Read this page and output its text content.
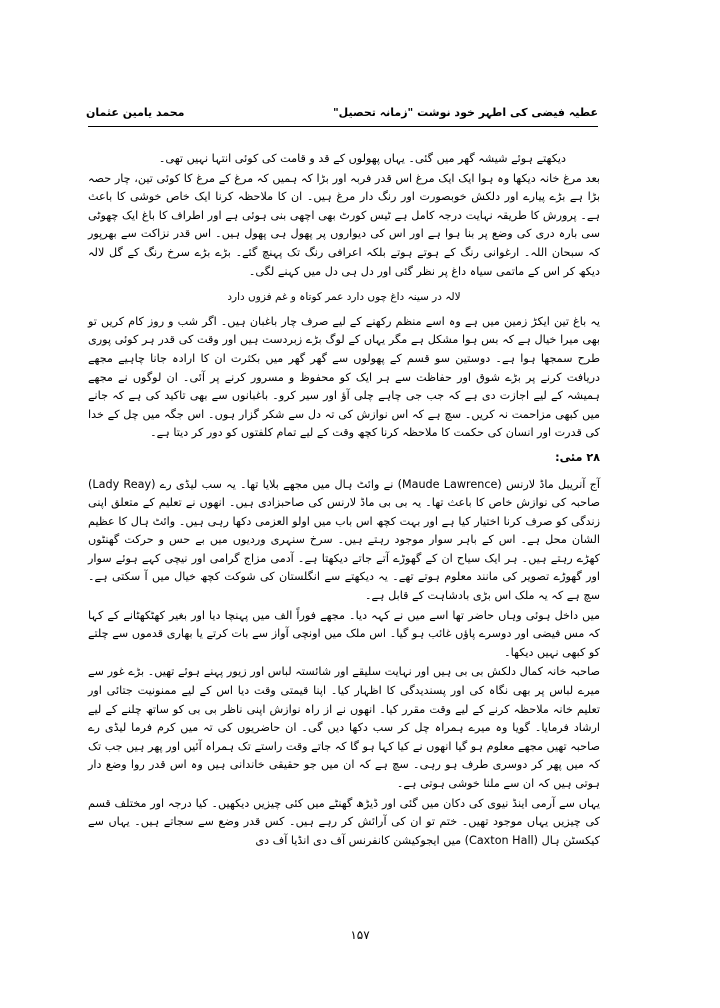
عطیہ فیضی کی اطہر خود نوشت "زمانہ تحصیل"
محمد یامین عثمان

دیکھتے ہوئے شیشہ گھر میں گئی۔ یہاں پھولوں کے قد و قامت کی کوئی انتہا نہیں تھی۔

بعد مرغ خانہ دیکھا وہ ہوا ایک ایک مرغ اس قدر فربہ اور بڑا کہ ہمیں کہ مرغ کے مرغ کا کوئی تین، چار حصہ بڑا ہے بڑے پیارے اور دلکش خوبصورت اور رنگ دار مرغ ہیں۔ ان کا ملاحظہ کرنا ایک خاص خوشی کا باعث ہے۔ پرورش کا طریقہ نہایت درجہ کامل ہے ٹیس کورٹ بھی اچھی بنی ہوئی ہے اور اطراف کا باغ ایک چھوٹی سی بارہ دری کی وضع پر بنا ہوا ہے اور اس کی دیواروں پر پھول ہی پھول ہیں۔ اس قدر نزاکت سے بھرپور کہ سبحان اللہ۔ ارغوانی رنگ کے ہوتے ہوتے بلکہ اعرافی رنگ تک پہنچ گئے۔ بڑے بڑے سرخ رنگ کے گل لالہ دیکھ کر اس کے ماتمی سیاہ داغ پر نظر گئی اور دل ہی دل میں کہنے لگی۔

لالہ در سینہ داغ چوں دارد عمر کوتاہ و غم فزوں دارد

یہ باغ تین ایکڑ زمین میں ہے وہ اسے منظم رکھنے کے لیے صرف چار باغبان ہیں۔ اگر شب و روز کام کریں تو بھی میرا خیال ہے کہ بس ہوا مشکل ہے مگر یہاں کے لوگ بڑے زبردست ہیں اور وقت کی قدر ہر کوئی پوری طرح سمجھا ہوا ہے۔ دوستین سو قسم کے پھولوں سے گھر گھر میں بکثرت ان کا ارادہ جانا چاہیے مجھے دریافت کرنے پر بڑے شوق اور حفاظت سے ہر ایک کو محفوظ و مسرور کرنے پر آئی۔ ان لوگوں نے مجھے ہمیشہ کے لیے اجازت دی ہے کہ جب جی چاہے چلی آؤ اور سیر کرو۔ باغبانوں سے بھی تاکید کی ہے کہ جانے میں کبھی مزاحمت نہ کریں۔ سچ ہے کہ اس نوازش کی تہ دل سے شکر گزار ہوں۔ اس جگہ میں چل کے خدا کی قدرت اور انسان کی حکمت کا ملاحظہ کرنا کچھ وقت کے لیے تمام کلفتوں کو دور کر دیتا ہے۔

۲۸ مئی:

آج آنریبل ماڈ لارنس (Maude Lawrence) نے وائٹ ہال میں مجھے بلایا تھا۔ یہ سب لیڈی رے (Lady Reay) صاحبہ کی نوازش خاص کا باعث تھا۔ یہ بی بی ماڈ لارنس کی صاحبزادی ہیں۔ انھوں نے تعلیم کے متعلق اپنی زندگی کو صرف کرنا اختیار کیا ہے اور بہت کچھ اس باب میں اولو العزمی دکھا رہی ہیں۔ وائٹ ہال کا عظیم الشان محل ہے۔ اس کے باہر سوار موجود رہتے ہیں۔ سرخ سنہری وردیوں میں بے حس و حرکت گھنٹوں کھڑے رہتے ہیں۔ ہر ایک سیاح ان کے گھوڑے آتے جاتے دیکھتا ہے۔ آدمی مزاج گرامی اور نیچی کہے ہوئے سوار اور گھوڑے تصویر کی مانند معلوم ہوتے تھے۔ یہ دیکھتے سے انگلستان کی شوکت کچھ خیال میں آ سکتی ہے۔ سچ ہے کہ یہ ملک اس بڑی بادشاہت کے قابل ہے۔

میں داخل ہوئی وہاں حاضر تھا اسے میں نے کہہ دیا۔ مجھے فوراً الف میں پہنچا دیا اور بغیر کھٹکھٹانے کے کہا کہ مس فیضی اور دوسرے پاؤں غائب ہو گیا۔ اس ملک میں اونچی آواز سے بات کرتے یا بھاری قدموں سے چلتے کو کبھی نہیں دیکھا۔

صاحبہ خانہ کمال دلکش بی بی ہیں اور نہایت سلیقے اور شائستہ لباس اور زیور پہنے ہوئے تھیں۔ بڑے غور سے میرے لباس پر بھی نگاہ کی اور پسندیدگی کا اظہار کیا۔ اپنا قیمتی وقت دیا اس کے لیے ممنونیت جتائی اور تعلیم خانہ ملاحظہ کرنے کے لیے وقت مقرر کیا۔ انھوں نے از راہ نوازش اپنی ناظر بی بی کو ساتھ چلنے کے لیے ارشاد فرمایا۔ گویا وہ میرے ہمراہ چل کر سب دکھا دیں گی۔ ان حاضریوں کی تہ میں کرم فرما لیڈی رے صاحبہ تھیں مجھے معلوم ہو گیا انھوں نے کیا کہا ہو گا کہ جاتے وقت راستے تک ہمراہ آئیں اور پھر ہیں جب تک کہ میں پھر کر دوسری طرف ہو رہی۔ سچ ہے کہ ان میں جو حقیقی خاندانی ہیں وہ اس قدر روا وضع دار ہوتی ہیں کہ ان سے ملنا خوشی ہوتی ہے۔

یہاں سے آرمی اینڈ نیوی کی دکان میں گئی اور ڈیڑھ گھنٹے میں کئی چیزیں دیکھیں۔ کیا درجہ اور مختلف قسم کی چیزیں یہاں موجود تھیں۔ ختم تو ان کی آرائش کر رہے ہیں۔ کس قدر وضع سے سجاتے ہیں۔ یہاں سے کیکسٹن ہال (Caxton Hall) میں ایجوکیشن کانفرنس آف دی انڈیا آف دی

۱۵۷
